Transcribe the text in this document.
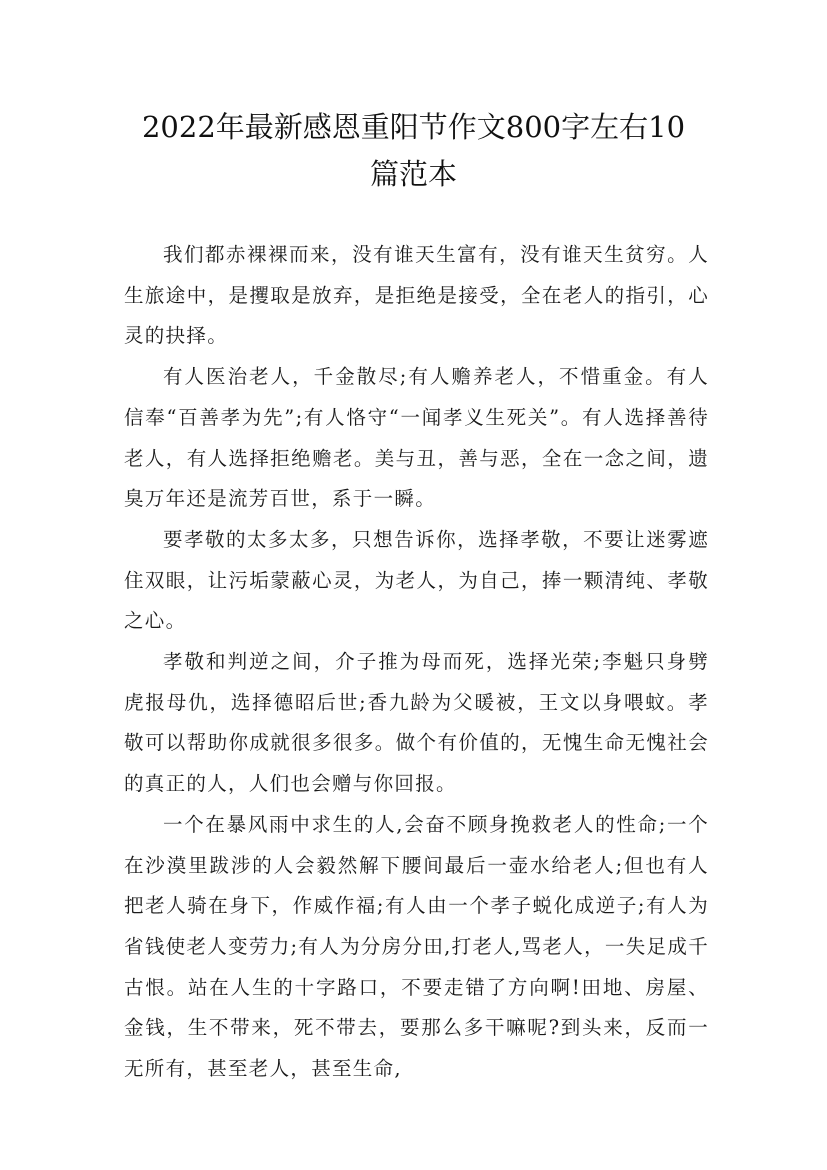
2022年最新感恩重阳节作文800字左右10
篇范本

我们都赤裸裸而来，没有谁天生富有，没有谁天生贫穷。人生旅途中，是攫取是放弃，是拒绝是接受，全在老人的指引，心灵的抉择。

有人医治老人，千金散尽;有人赡养老人，不惜重金。有人信奉“百善孝为先”;有人恪守“一闻孝义生死关”。有人选择善待老人，有人选择拒绝赡老。美与丑，善与恶，全在一念之间，遗臭万年还是流芳百世，系于一瞬。

要孝敬的太多太多，只想告诉你，选择孝敬，不要让迷雾遮住双眼，让污垢蒙蔽心灵，为老人，为自己，捧一颗清纯、孝敬之心。

孝敬和判逆之间，介子推为母而死，选择光荣;李魁只身劈虎报母仇，选择德昭后世;香九龄为父暖被，王文以身喂蚊。孝敬可以帮助你成就很多很多。做个有价值的，无愧生命无愧社会的真正的人，人们也会赠与你回报。

一个在暴风雨中求生的人,会奋不顾身挽救老人的性命;一个在沙漠里跋涉的人会毅然解下腰间最后一壶水给老人;但也有人把老人骑在身下，作威作福;有人由一个孝子蜕化成逆子;有人为省钱使老人变劳力;有人为分房分田,打老人,骂老人，一失足成千古恨。站在人生的十字路口，不要走错了方向啊!田地、房屋、金钱，生不带来，死不带去，要那么多干嘛呢?到头来，反而一无所有，甚至老人，甚至生命,
